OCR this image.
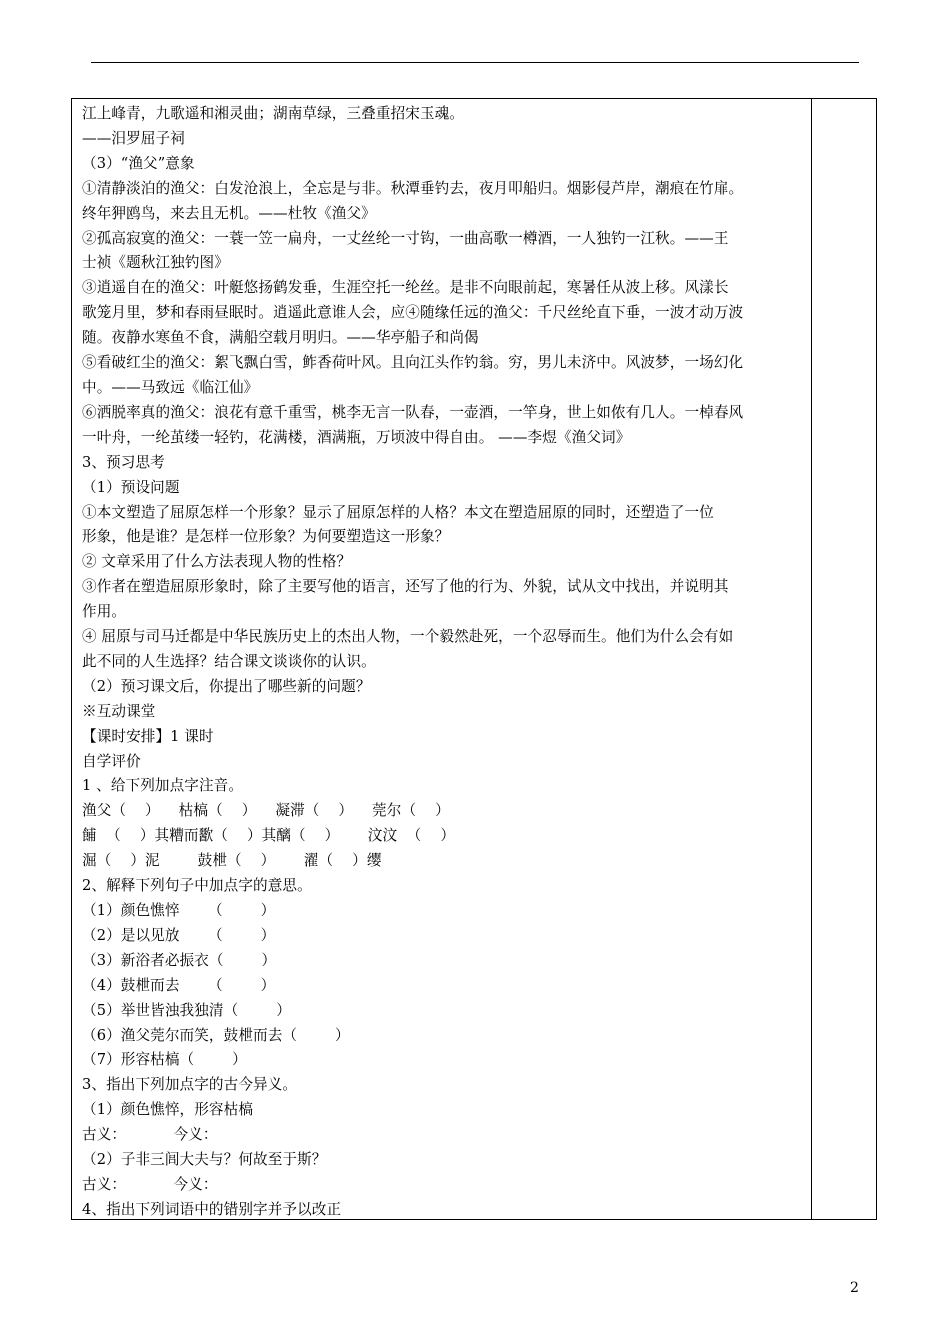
江上峰青，九歌遥和湘灵曲；湖南草绿，三叠重招宋玉魂。
——汨罗屈子祠
（3）“渔父”意象
①清静淡泊的渔父：白发沧浪上，全忘是与非。秋潭垂钓去，夜月叩船归。烟影侵芦岸，潮痕在竹扉。
终年狎鸥鸟，来去且无机。——杜牧《渔父》
②孤高寂寞的渔父：一蓑一笠一扁舟，一丈丝纶一寸钩，一曲高歌一樽酒，一人独钓一江秋。——王
士祯《题秋江独钓图》
③逍遥自在的渔父：叶艇悠扬鹤发垂，生涯空托一纶丝。是非不向眼前起，寒暑任从波上移。风漾长
歌笼月里，梦和春雨昼眠时。逍遥此意谁人会，应④随缘任远的渔父：千尺丝纶直下垂，一波才动万波
随。夜静水寒鱼不食，满船空载月明归。——华亭船子和尚偈
⑤看破红尘的渔父：絮飞飘白雪，鲊香荷叶风。且向江头作钓翁。穷，男儿未济中。风波梦，一场幻化
中。——马致远《临江仙》
⑥洒脱率真的渔父：浪花有意千重雪，桃李无言一队春，一壶酒，一竿身，世上如侬有几人。一棹春风
一叶舟，一纶茧缕一轻钓，花满楼，酒满瓶，万顷波中得自由。 ——李煜《渔父词》
3、预习思考
（1）预设问题
①本文塑造了屈原怎样一个形象？显示了屈原怎样的人格？本文在塑造屈原的同时，还塑造了一位
形象，他是谁？是怎样一位形象？为何要塑造这一形象？
② 文章采用了什么方法表现人物的性格？
③作者在塑造屈原形象时，除了主要写他的语言，还写了他的行为、外貌，试从文中找出，并说明其
作用。
④ 屈原与司马迁都是中华民族历史上的杰出人物，一个毅然赴死，一个忍辱而生。他们为什么会有如
此不同的人生选择？结合课文谈谈你的认识。
（2）预习课文后，你提出了哪些新的问题？
※互动课堂
【课时安排】1 课时
自学评价
1 、给下列加点字注音。
渔父（    ）    枯槁（    ）    凝滞（    ）    莞尔（    ）
餔  （    ）其糟而歠（    ）其醨（    ）      汶汶  （    ）
淈（    ）泥        鼓枻（    ）      濯（    ）缨
2、解释下列句子中加点字的意思。
（1）颜色憔悴      （        ）
（2）是以见放      （        ）
（3）新浴者必振衣（        ）
（4）鼓枻而去      （        ）
（5）举世皆浊我独清（        ）
（6）渔父莞尔而笑，鼓枻而去（        ）
（7）形容枯槁（        ）
3、指出下列加点字的古今异义。
（1）颜色憔悴，形容枯槁
古义：          今义：
（2）子非三闾大夫与？何故至于斯？
古义：          今义：
4、指出下列词语中的错别字并予以改正
2
